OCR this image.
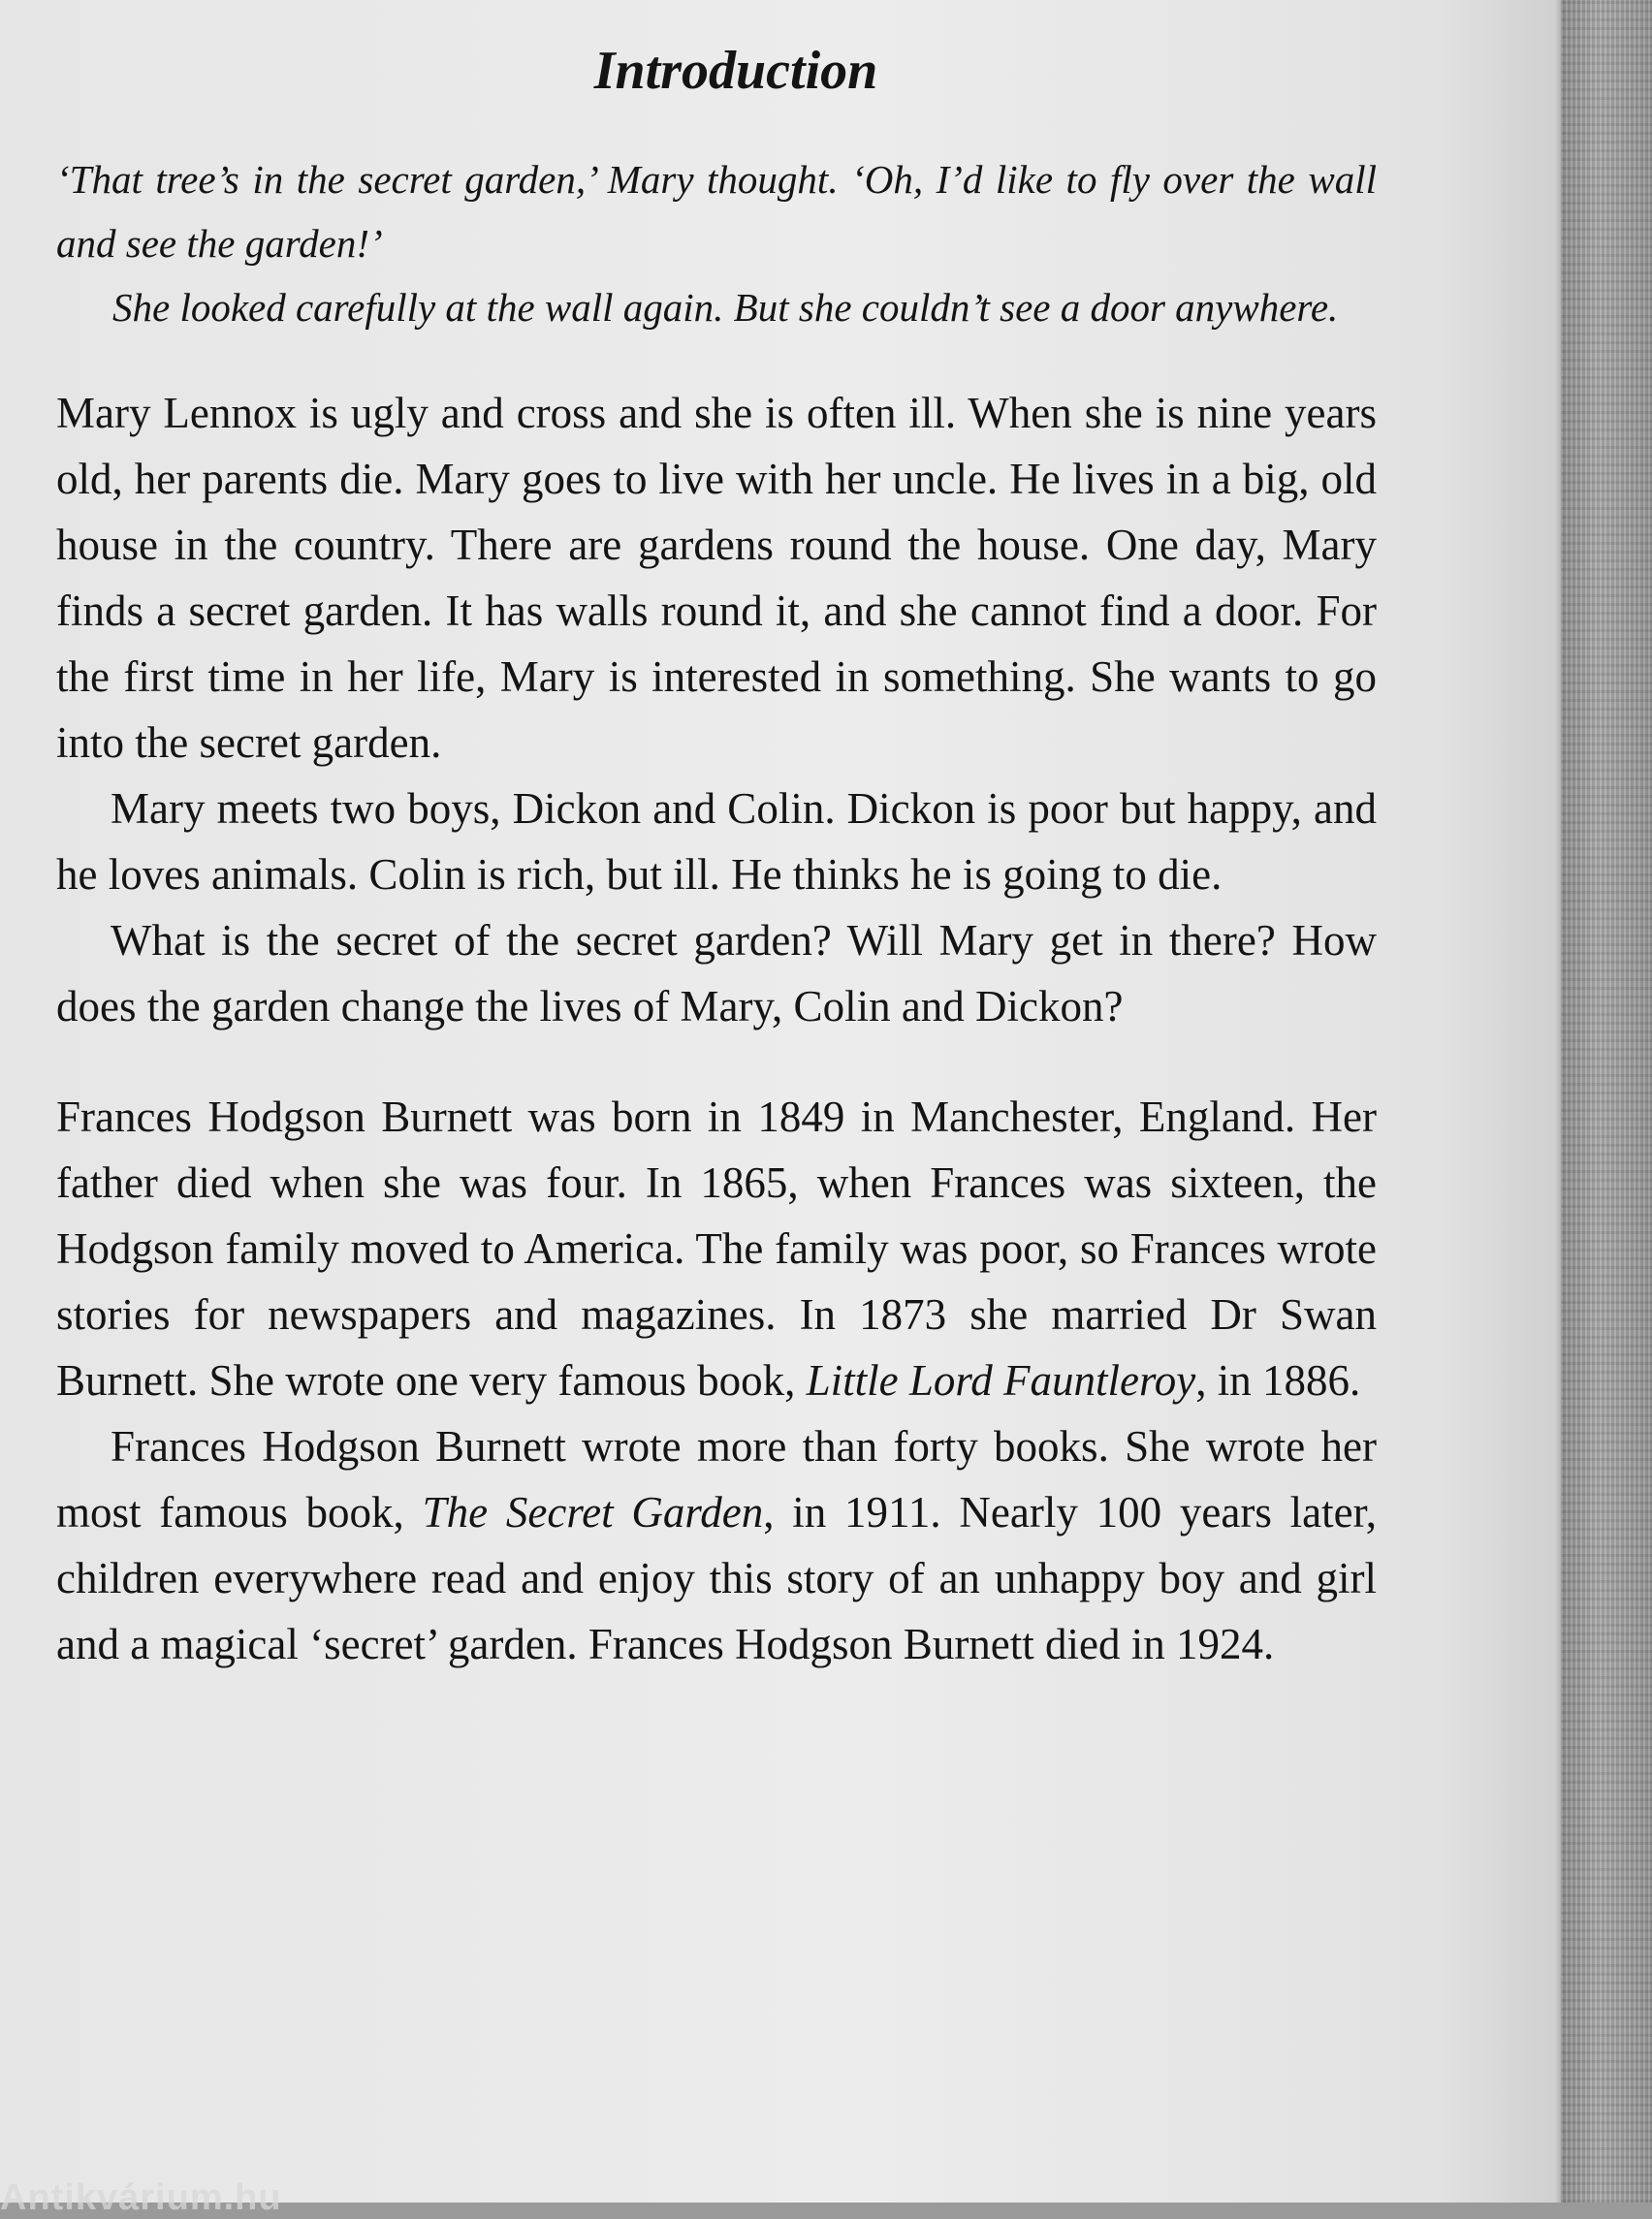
Introduction

‘That tree’s in the secret garden,’ Mary thought. ‘Oh, I’d like to fly over the wall and see the garden!’

She looked carefully at the wall again. But she couldn’t see a door anywhere.

Mary Lennox is ugly and cross and she is often ill. When she is nine years old, her parents die. Mary goes to live with her uncle. He lives in a big, old house in the country. There are gardens round the house. One day, Mary finds a secret garden. It has walls round it, and she cannot find a door. For the first time in her life, Mary is interested in something. She wants to go into the secret garden.

Mary meets two boys, Dickon and Colin. Dickon is poor but happy, and he loves animals. Colin is rich, but ill. He thinks he is going to die.

What is the secret of the secret garden? Will Mary get in there? How does the garden change the lives of Mary, Colin and Dickon?

Frances Hodgson Burnett was born in 1849 in Manchester, England. Her father died when she was four. In 1865, when Frances was sixteen, the Hodgson family moved to America. The family was poor, so Frances wrote stories for newspapers and magazines. In 1873 she married Dr Swan Burnett. She wrote one very famous book, Little Lord Fauntleroy, in 1886.

Frances Hodgson Burnett wrote more than forty books. She wrote her most famous book, The Secret Garden, in 1911. Nearly 100 years later, children everywhere read and enjoy this story of an unhappy boy and girl and a magical ‘secret’ garden. Frances Hodgson Burnett died in 1924.

Antikvárium.hu
